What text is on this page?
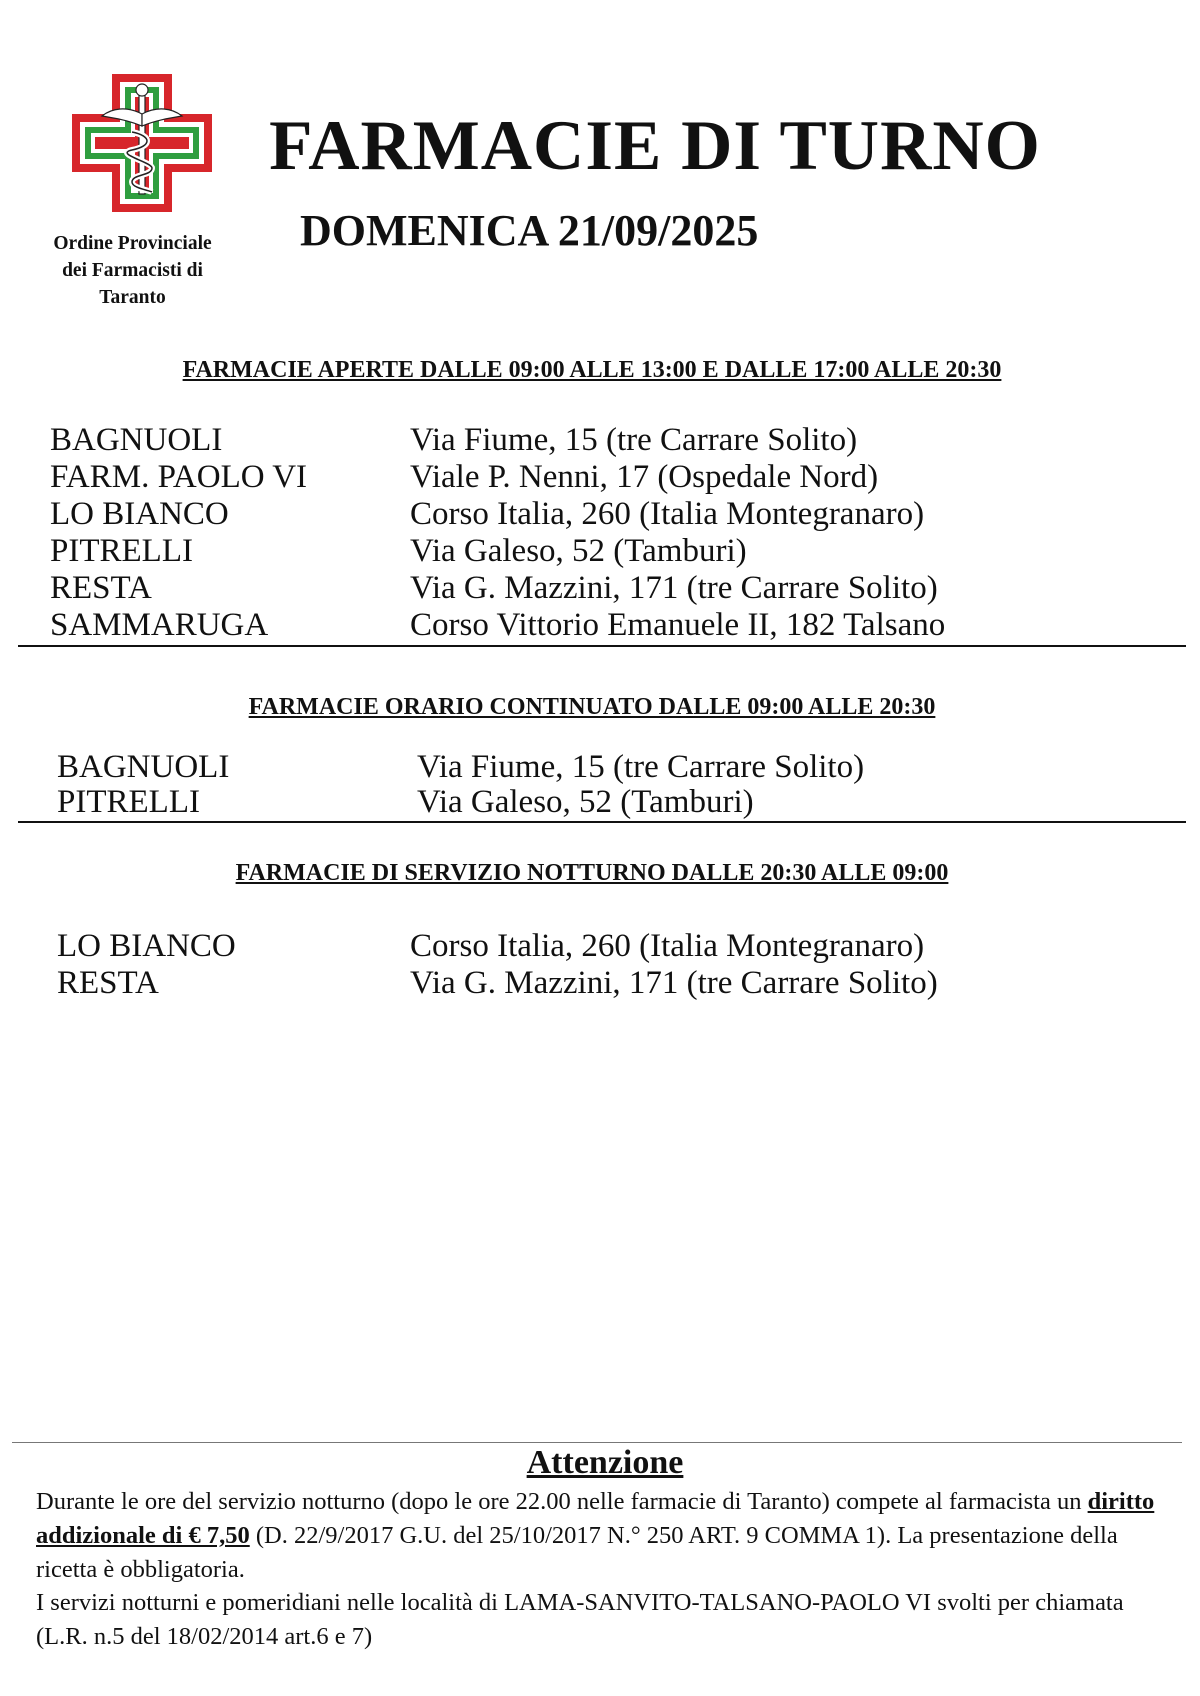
Ordine Provinciale
dei Farmacisti di
Taranto
FARMACIE DI TURNO
DOMENICA 21/09/2025
FARMACIE APERTE DALLE 09:00 ALLE 13:00 E DALLE 17:00 ALLE 20:30
BAGNUOLI	Via Fiume, 15 (tre Carrare Solito)
FARM. PAOLO VI	Viale P. Nenni, 17 (Ospedale Nord)
LO BIANCO	Corso Italia, 260 (Italia Montegranaro)
PITRELLI	Via Galeso, 52 (Tamburi)
RESTA	Via G. Mazzini, 171 (tre Carrare Solito)
SAMMARUGA	Corso Vittorio Emanuele II, 182 Talsano
FARMACIE ORARIO CONTINUATO DALLE 09:00 ALLE 20:30
BAGNUOLI	Via Fiume, 15 (tre Carrare Solito)
PITRELLI	Via Galeso, 52 (Tamburi)
FARMACIE DI SERVIZIO NOTTURNO DALLE 20:30 ALLE 09:00
LO BIANCO	Corso Italia, 260 (Italia Montegranaro)
RESTA	Via G. Mazzini, 171 (tre Carrare Solito)
Attenzione
Durante le ore del servizio notturno (dopo le ore 22.00 nelle farmacie di Taranto) compete al farmacista un diritto addizionale di € 7,50 (D. 22/9/2017 G.U. del 25/10/2017 N.° 250 ART. 9 COMMA 1). La presentazione della ricetta è obbligatoria.
I servizi notturni e pomeridiani nelle località di LAMA-SANVITO-TALSANO-PAOLO VI svolti per chiamata (L.R. n.5 del 18/02/2014 art.6 e 7)
